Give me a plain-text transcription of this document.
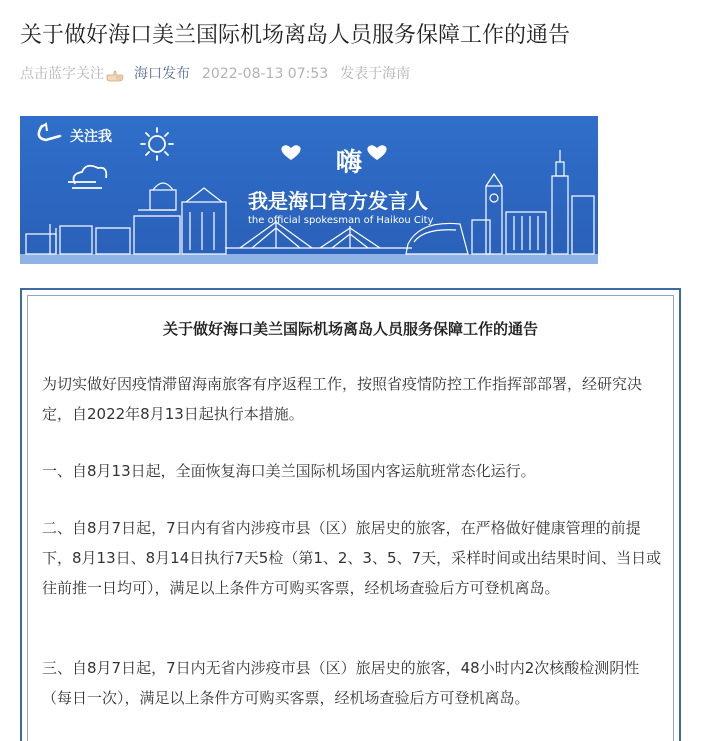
关于做好海口美兰国际机场离岛人员服务保障工作的通告
点击蓝字关注 海口发布 2022-08-13 07:53 发表于海南
关注我
嗨
我是海口官方发言人
the official spokesman of Haikou City
关于做好海口美兰国际机场离岛人员服务保障工作的通告

为切实做好因疫情滞留海南旅客有序返程工作，按照省疫情防控工作指挥部部署，经研究决定，自2022年8月13日起执行本措施。

一、自8月13日起，全面恢复海口美兰国际机场国内客运航班常态化运行。

二、自8月7日起，7日内有省内涉疫市县（区）旅居史的旅客，在严格做好健康管理的前提下，8月13日、8月14日执行7天5检（第1、2、3、5、7天，采样时间或出结果时间、当日或往前推一日均可），满足以上条件方可购买客票，经机场查验后方可登机离岛。

三、自8月7日起，7日内无省内涉疫市县（区）旅居史的旅客，48小时内2次核酸检测阴性（每日一次），满足以上条件方可购买客票，经机场查验后方可登机离岛。
